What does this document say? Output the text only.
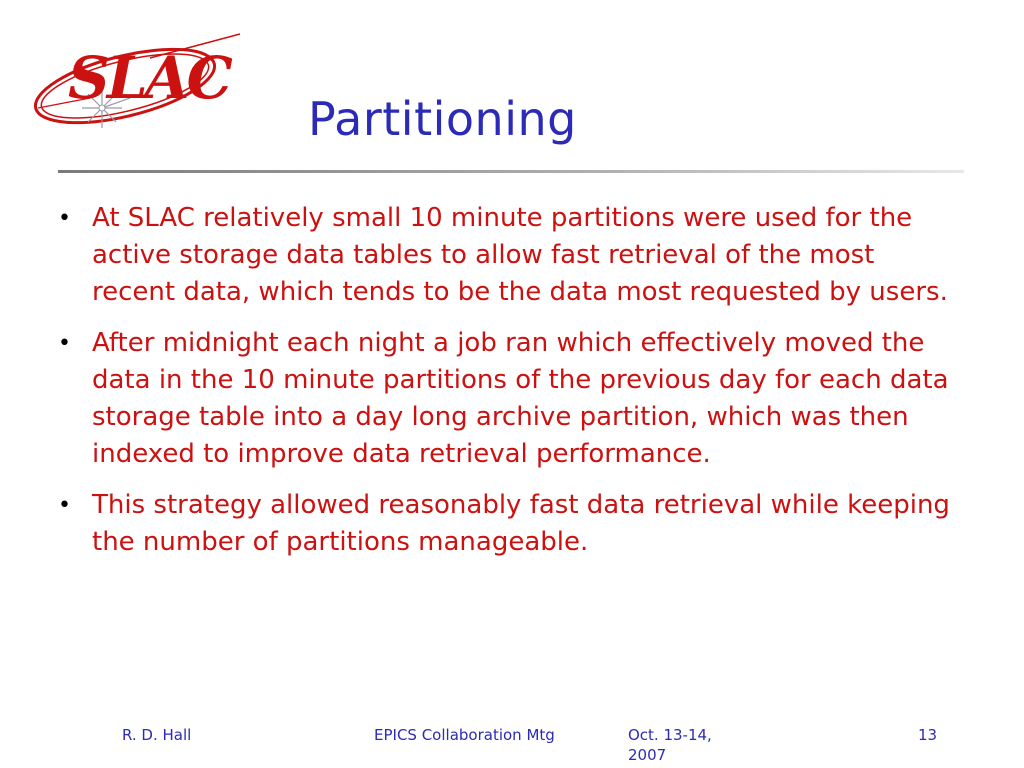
SLAC
Partitioning
• At SLAC relatively small 10 minute partitions were used for the active storage data tables to allow fast retrieval of the most recent data, which tends to be the data most requested by users.
• After midnight each night a job ran which effectively moved the data in the 10 minute partitions of the previous day for each data storage table into a day long archive partition, which was then indexed to improve data retrieval performance.
• This strategy allowed reasonably fast data retrieval while keeping the number of partitions manageable.
R. D. Hall	EPICS Collaboration Mtg	Oct. 13-14, 2007
13
